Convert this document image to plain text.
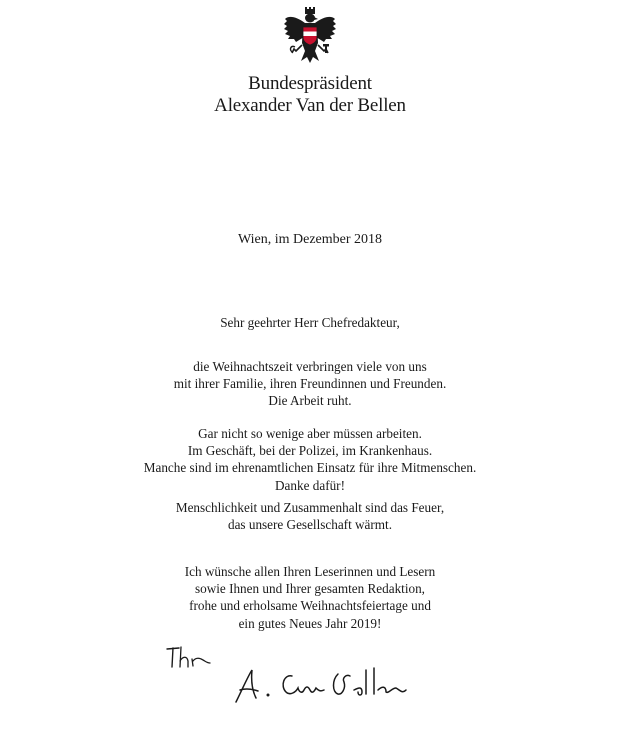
Bundespräsident
Alexander Van der Bellen
Wien, im Dezember 2018
Sehr geehrter Herr Chefredakteur,
die Weihnachtszeit verbringen viele von uns
mit ihrer Familie, ihren Freundinnen und Freunden.
Die Arbeit ruht.
Gar nicht so wenige aber müssen arbeiten.
Im Geschäft, bei der Polizei, im Krankenhaus.
Manche sind im ehrenamtlichen Einsatz für ihre Mitmenschen.
Danke dafür!
Menschlichkeit und Zusammenhalt sind das Feuer,
das unsere Gesellschaft wärmt.
Ich wünsche allen Ihren Leserinnen und Lesern
sowie Ihnen und Ihrer gesamten Redaktion,
frohe und erholsame Weihnachtsfeiertage und
ein gutes Neues Jahr 2019!
